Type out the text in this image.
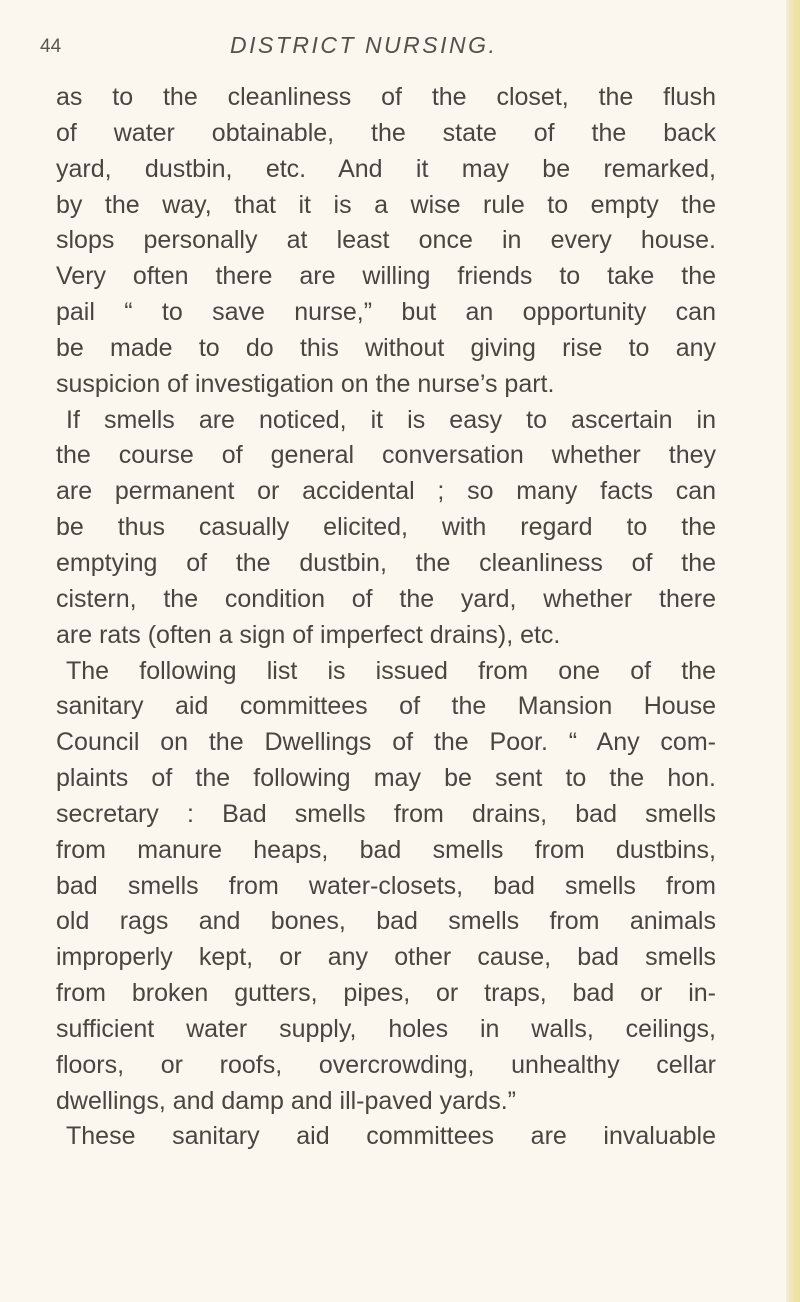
44	DISTRICT NURSING.
as to the cleanliness of the closet, the flush
of water obtainable, the state of the back
yard, dustbin, etc. And it may be remarked,
by the way, that it is a wise rule to empty the
slops personally at least once in every house.
Very often there are willing friends to take the
pail “ to save nurse,” but an opportunity can
be made to do this without giving rise to any
suspicion of investigation on the nurse’s part.
If smells are noticed, it is easy to ascertain in
the course of general conversation whether they
are permanent or accidental ; so many facts can
be thus casually elicited, with regard to the
emptying of the dustbin, the cleanliness of the
cistern, the condition of the yard, whether there
are rats (often a sign of imperfect drains), etc.
The following list is issued from one of the
sanitary aid committees of the Mansion House
Council on the Dwellings of the Poor. “ Any com-
plaints of the following may be sent to the hon.
secretary : Bad smells from drains, bad smells
from manure heaps, bad smells from dustbins,
bad smells from water-closets, bad smells from
old rags and bones, bad smells from animals
improperly kept, or any other cause, bad smells
from broken gutters, pipes, or traps, bad or in-
sufficient water supply, holes in walls, ceilings,
floors, or roofs, overcrowding, unhealthy cellar
dwellings, and damp and ill-paved yards.”
These sanitary aid committees are invaluable
